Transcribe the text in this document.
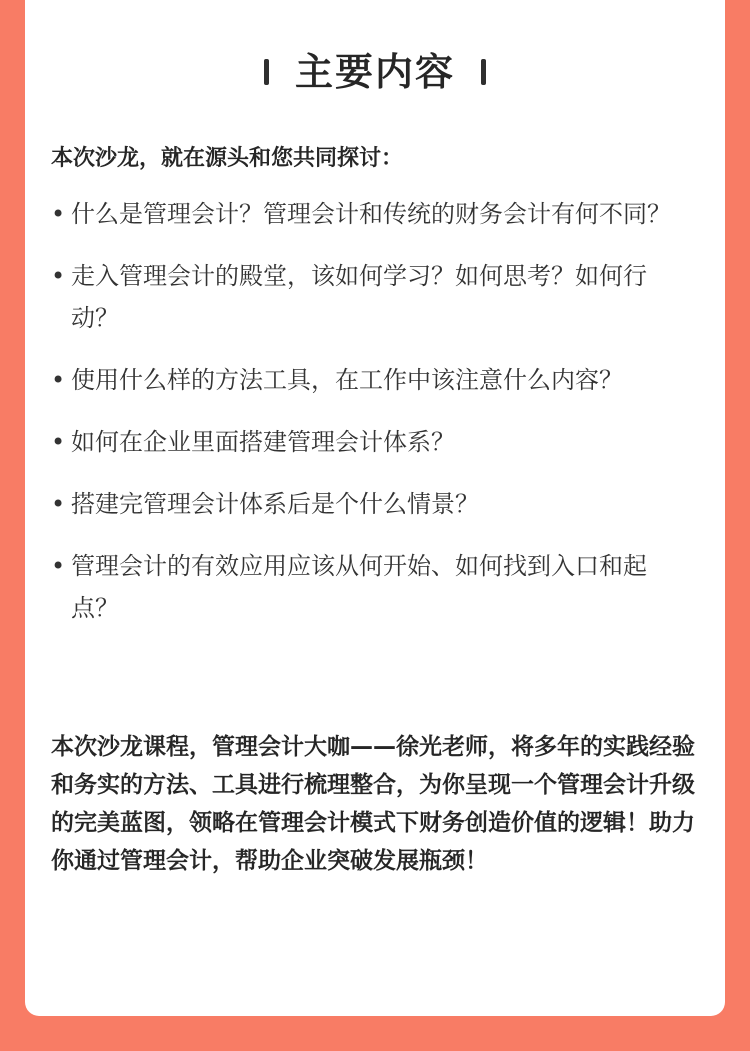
主要内容
本次沙龙，就在源头和您共同探讨：
• 什么是管理会计？管理会计和传统的财务会计有何不同？
• 走入管理会计的殿堂，该如何学习？如何思考？如何行动？
• 使用什么样的方法工具，在工作中该注意什么内容？
• 如何在企业里面搭建管理会计体系？
• 搭建完管理会计体系后是个什么情景？
• 管理会计的有效应用应该从何开始、如何找到入口和起点？
本次沙龙课程，管理会计大咖——徐光老师，将多年的实践经验和务实的方法、工具进行梳理整合，为你呈现一个管理会计升级的完美蓝图，领略在管理会计模式下财务创造价值的逻辑！助力你通过管理会计，帮助企业突破发展瓶颈！
